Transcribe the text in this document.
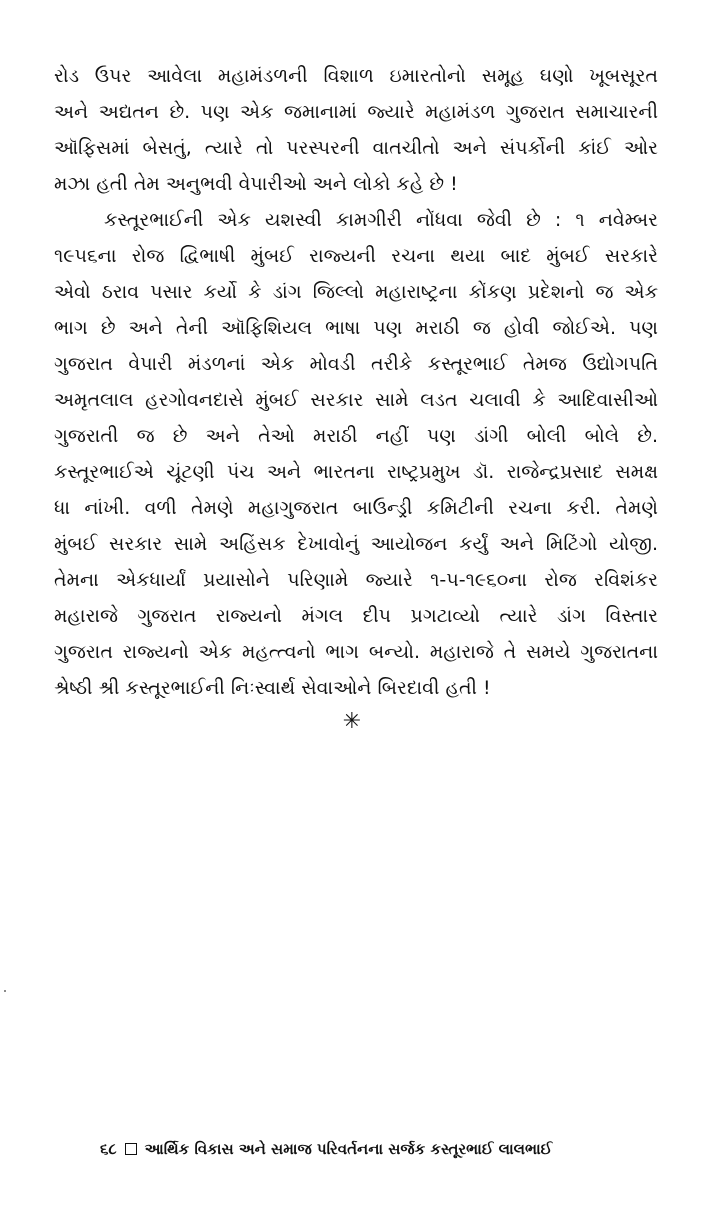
રોડ ઉપર આવેલા મહામંડળની વિશાળ ઇમારતોનો સમૂહ ઘણો ખૂબસૂરત
અને અદ્યતન છે. પણ એક જમાનામાં જ્યારે મહામંડળ ગુજરાત સમાચારની
ઑફિસમાં બેસતું, ત્યારે તો પરસ્પરની વાતચીતો અને સંપર્કોની કાંઈ ઓર
મઝા હતી તેમ અનુભવી વેપારીઓ અને લોકો કહે છે !
કસ્તૂરભાઈની એક યશસ્વી કામગીરી નોંધવા જેવી છે : ૧ નવેમ્બર
૧૯૫૬ના રોજ દ્વિભાષી મુંબઈ રાજ્યની રચના થયા બાદ મુંબઈ સરકારે
એવો ઠરાવ પસાર કર્યો કે ડાંગ જિલ્લો મહારાષ્ટ્રના કોંકણ પ્રદેશનો જ એક
ભાગ છે અને તેની ઑફિશિયલ ભાષા પણ મરાઠી જ હોવી જોઈએ. પણ
ગુજરાત વેપારી મંડળનાં એક મોવડી તરીકે કસ્તૂરભાઈ તેમજ ઉદ્યોગપતિ
અમૃતલાલ હરગોવનદાસે મુંબઈ સરકાર સામે લડત ચલાવી કે આદિવાસીઓ
ગુજરાતી જ છે અને તેઓ મરાઠી નહીં પણ ડાંગી બોલી બોલે છે.
કસ્તૂરભાઈએ ચૂંટણી પંચ અને ભારતના રાષ્ટ્રપ્રમુખ ડૉ. રાજેન્દ્રપ્રસાદ સમક્ષ
ધા નાંખી. વળી તેમણે મહાગુજરાત બાઉન્ડ્રી કમિટીની રચના કરી. તેમણે
મુંબઈ સરકાર સામે અહિંસક દેખાવોનું આયોજન કર્યું અને મિટિંગો યોજી.
તેમના એકધાર્યાં પ્રયાસોને પરિણામે જ્યારે ૧-૫-૧૯૬૦ના રોજ રવિશંકર
મહારાજે ગુજરાત રાજ્યનો મંગલ દીપ પ્રગટાવ્યો ત્યારે ડાંગ વિસ્તાર
ગુજરાત રાજ્યનો એક મહત્ત્વનો ભાગ બન્યો. મહારાજે તે સમયે ગુજરાતના
શ્રેષ્ઠી શ્રી કસ્તૂરભાઈની નિઃસ્વાર્થ સેવાઓને બિરદાવી હતી !
✳
૬૮ આર્થિક વિકાસ અને સમાજ પરિવર્તનના સર્જક કસ્તૂરભાઈ લાલભાઈ
